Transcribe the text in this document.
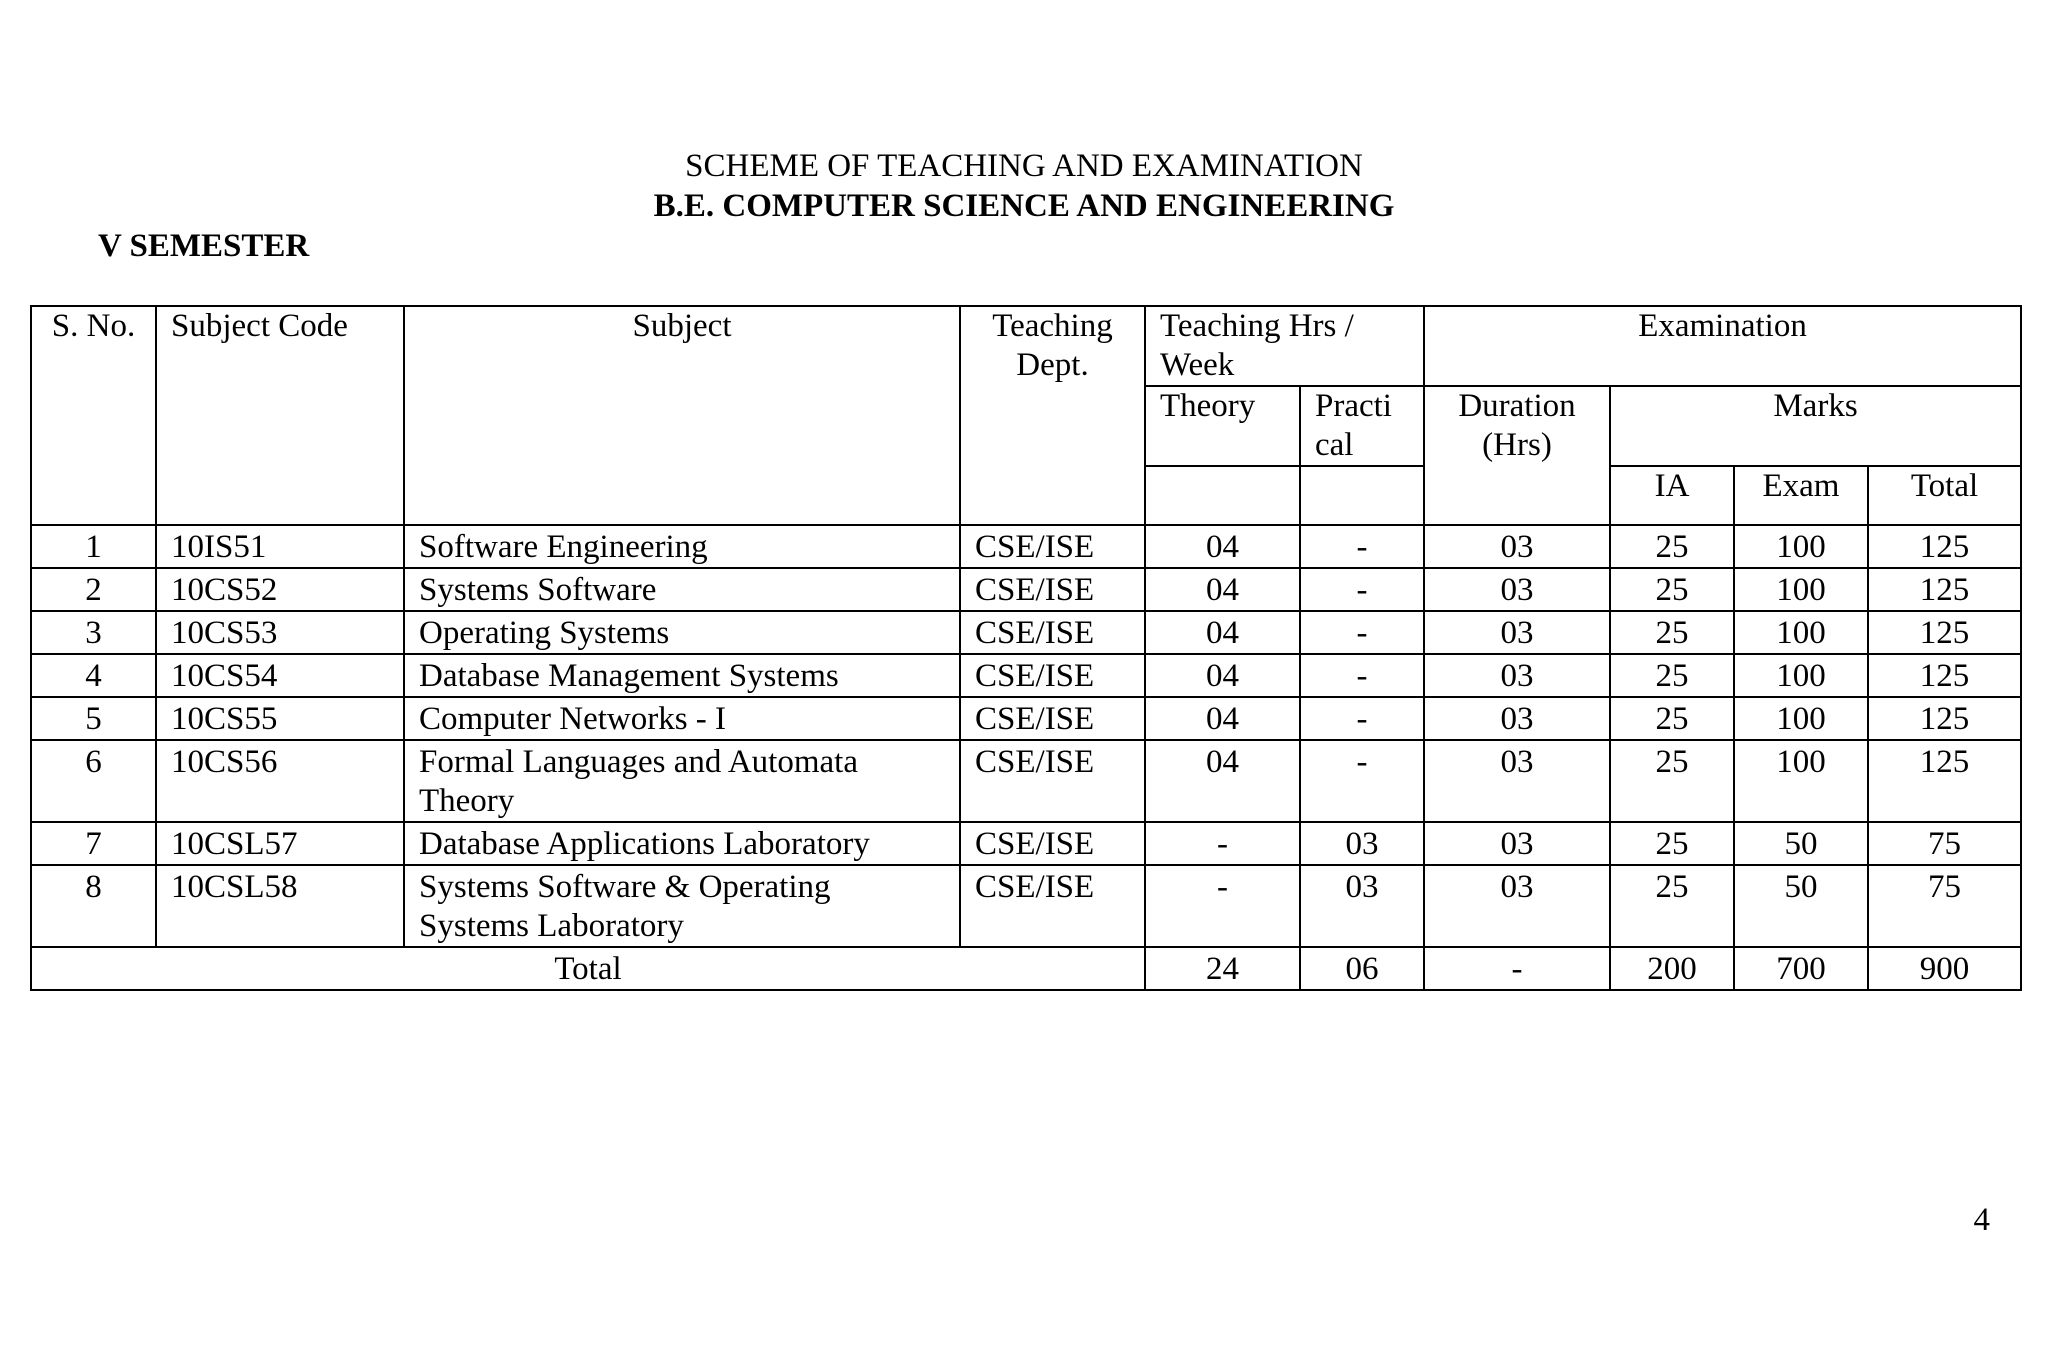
SCHEME OF TEACHING AND EXAMINATION
B.E. COMPUTER SCIENCE AND ENGINEERING
V SEMESTER
S. No.	Subject Code	Subject	Teaching Dept.	Teaching Hrs / Week		Examination			
				Theory	Practi cal	Duration (Hrs)	Marks		
							IA	Exam	Total
1	10IS51	Software Engineering	CSE/ISE	04	-	03	25	100	125
2	10CS52	Systems Software	CSE/ISE	04	-	03	25	100	125
3	10CS53	Operating Systems	CSE/ISE	04	-	03	25	100	125
4	10CS54	Database Management Systems	CSE/ISE	04	-	03	25	100	125
5	10CS55	Computer Networks - I	CSE/ISE	04	-	03	25	100	125
6	10CS56	Formal Languages and Automata Theory	CSE/ISE	04	-	03	25	100	125
7	10CSL57	Database Applications Laboratory	CSE/ISE	-	03	03	25	50	75
8	10CSL58	Systems Software & Operating Systems Laboratory	CSE/ISE	-	03	03	25	50	75
Total				24	06	-	200	700	900
4
